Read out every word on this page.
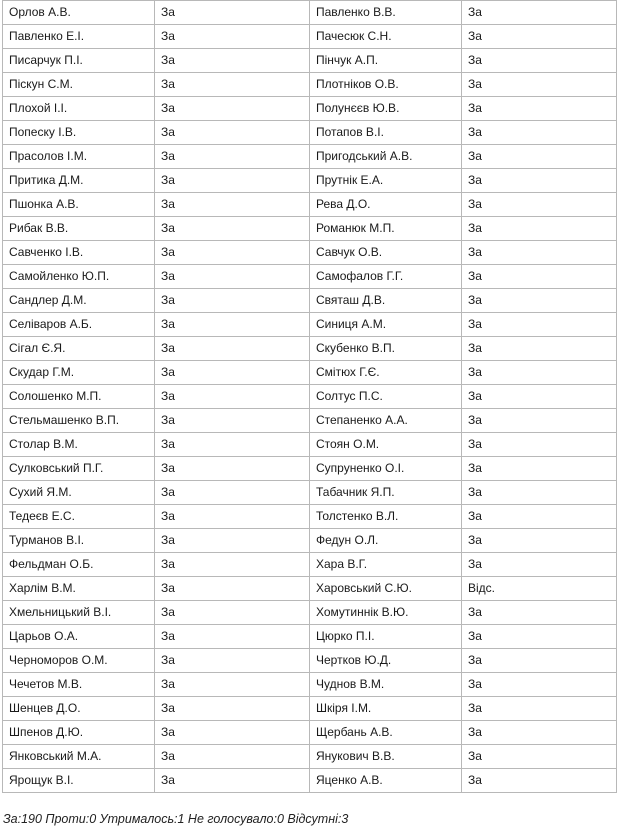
Орлов А.В.	За	Павленко В.В.	За
Павленко Е.І.	За	Пачесюк С.Н.	За
Писарчук П.І.	За	Пінчук А.П.	За
Піскун С.М.	За	Плотніков О.В.	За
Плохой І.І.	За	Полунєєв Ю.В.	За
Попеску І.В.	За	Потапов В.І.	За
Прасолов І.М.	За	Пригодський А.В.	За
Притика Д.М.	За	Прутнік Е.А.	За
Пшонка А.В.	За	Рева Д.О.	За
Рибак В.В.	За	Романюк М.П.	За
Савченко І.В.	За	Савчук О.В.	За
Самойленко Ю.П.	За	Самофалов Г.Г.	За
Сандлер Д.М.	За	Святаш Д.В.	За
Селіваров А.Б.	За	Синиця А.М.	За
Сігал Є.Я.	За	Скубенко В.П.	За
Скудар Г.М.	За	Смітюх Г.Є.	За
Солошенко М.П.	За	Солтус П.С.	За
Стельмашенко В.П.	За	Степаненко А.А.	За
Столар В.М.	За	Стоян О.М.	За
Сулковський П.Г.	За	Супруненко О.І.	За
Сухий Я.М.	За	Табачник Я.П.	За
Тедеєв Е.С.	За	Толстенко В.Л.	За
Турманов В.І.	За	Федун О.Л.	За
Фельдман О.Б.	За	Хара В.Г.	За
Харлім В.М.	За	Харовський С.Ю.	Відс.
Хмельницький В.І.	За	Хомутиннік В.Ю.	За
Царьов О.А.	За	Цюрко П.І.	За
Черноморов О.М.	За	Чертков Ю.Д.	За
Чечетов М.В.	За	Чуднов В.М.	За
Шенцев Д.О.	За	Шкіря І.М.	За
Шпенов Д.Ю.	За	Щербань А.В.	За
Янковський М.А.	За	Янукович В.В.	За
Ярощук В.І.	За	Яценко А.В.	За
За:190 Проти:0 Утрималось:1 Не голосувало:0 Відсутні:3
